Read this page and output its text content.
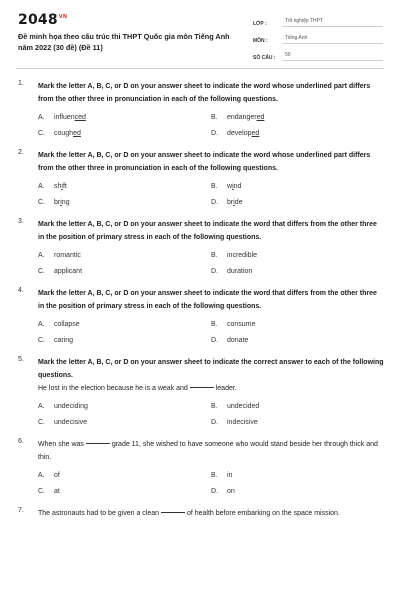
$2048^{VN}$
Đề minh họa theo cấu trúc thi THPT Quốc gia môn Tiếng Anh năm 2022 (30 đề) (Đề 11)
LỚP :	Tốt nghiệp THPT
MÔN :	Tiếng Anh
SỐ CÂU :	50
1. Mark the letter A, B, C, or D on your answer sheet to indicate the word whose underlined part differs from the other three in pronunciation in each of the following questions.
A.	influenced	B.	endangered
C.	coughed	D.	developed
2. Mark the letter A, B, C, or D on your answer sheet to indicate the word whose underlined part differs from the other three in pronunciation in each of the following questions.
A.	shift	B.	wind
C.	bring	D.	bride
3. Mark the letter A, B, C, or D on your answer sheet to indicate the word that differs from the other three in the position of primary stress in each of the following questions.
A.	romantic	B.	incredible
C.	applicant	D.	duration
4. Mark the letter A, B, C, or D on your answer sheet to indicate the word that differs from the other three in the position of primary stress in each of the following questions.
A.	collapse	B.	consume
C.	caring	D.	donate
5. Mark the letter A, B, C, or D on your answer sheet to indicate the correct answer to each of the following questions.
He lost in the election because he is a weak and	leader.
A.	undeciding	B.	undecided
C.	undecisive	D.	indecisive
6. When she was	grade 11, she wished to have someone who would stand beside her through thick and thin.
A.	of	B.	in
C.	at	D.	on
7. The astronauts had to be given a clean	of health before embarking on the space mission.
